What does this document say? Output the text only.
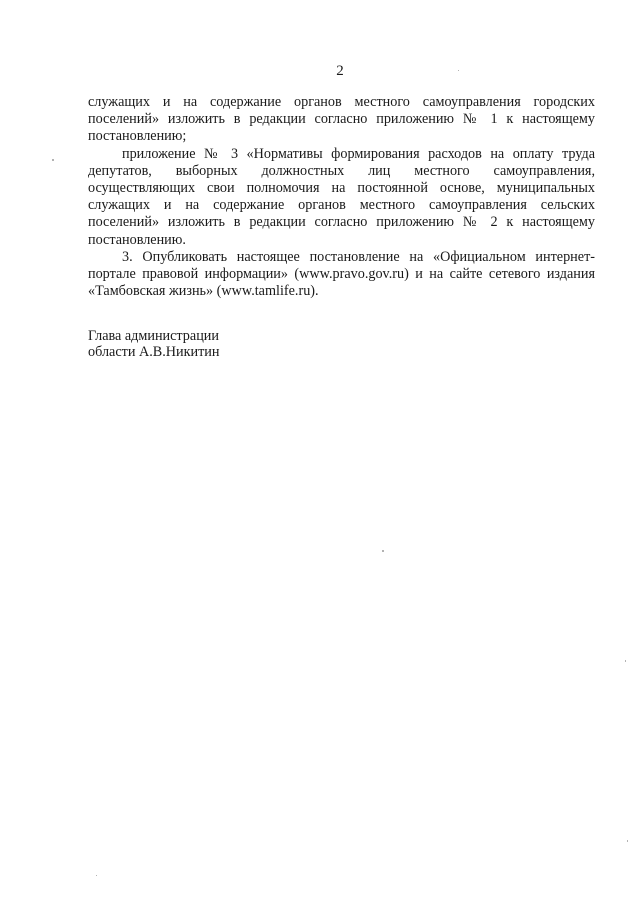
2

служащих и на содержание органов местного самоуправления городских поселений» изложить в редакции согласно приложению № 1 к настоящему постановлению;

приложение № 3 «Нормативы формирования расходов на оплату труда депутатов, выборных должностных лиц местного самоуправления, осуществляющих свои полномочия на постоянной основе, муниципальных служащих и на содержание органов местного самоуправления сельских поселений» изложить в редакции согласно приложению № 2 к настоящему постановлению.

3. Опубликовать настоящее постановление на «Официальном интернет-портале правовой информации» (www.pravo.gov.ru) и на сайте сетевого издания «Тамбовская жизнь» (www.tamlife.ru).

Глава администрации
области А.В.Никитин
